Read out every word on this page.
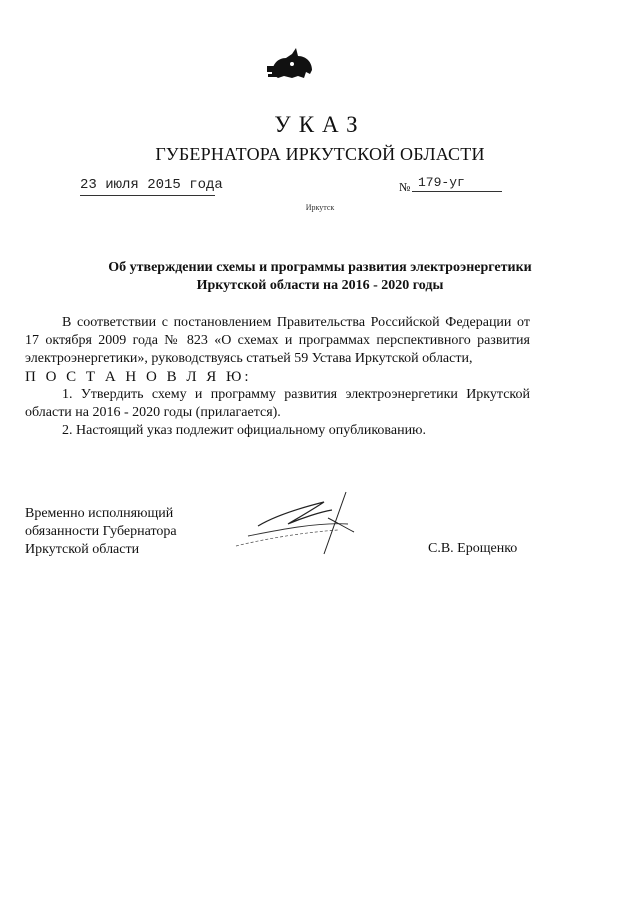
УКАЗ
ГУБЕРНАТОРА ИРКУТСКОЙ ОБЛАСТИ
23 июля 2015 года	№ 179-уг
Иркутск
Об утверждении схемы и программы развития электроэнергетики
Иркутской области на 2016 - 2020 годы

В соответствии с постановлением Правительства Российской Федерации от 17 октября 2009 года № 823 «О схемах и программах перспективного развития электроэнергетики», руководствуясь статьей 59 Устава Иркутской области,

П О С Т А Н О В Л Я Ю:

1. Утвердить схему и программу развития электроэнергетики Иркутской области на 2016 - 2020 годы (прилагается).

2. Настоящий указ подлежит официальному опубликованию.

Временно исполняющий
обязанности Губернатора
Иркутской области	С.В. Ерощенко
